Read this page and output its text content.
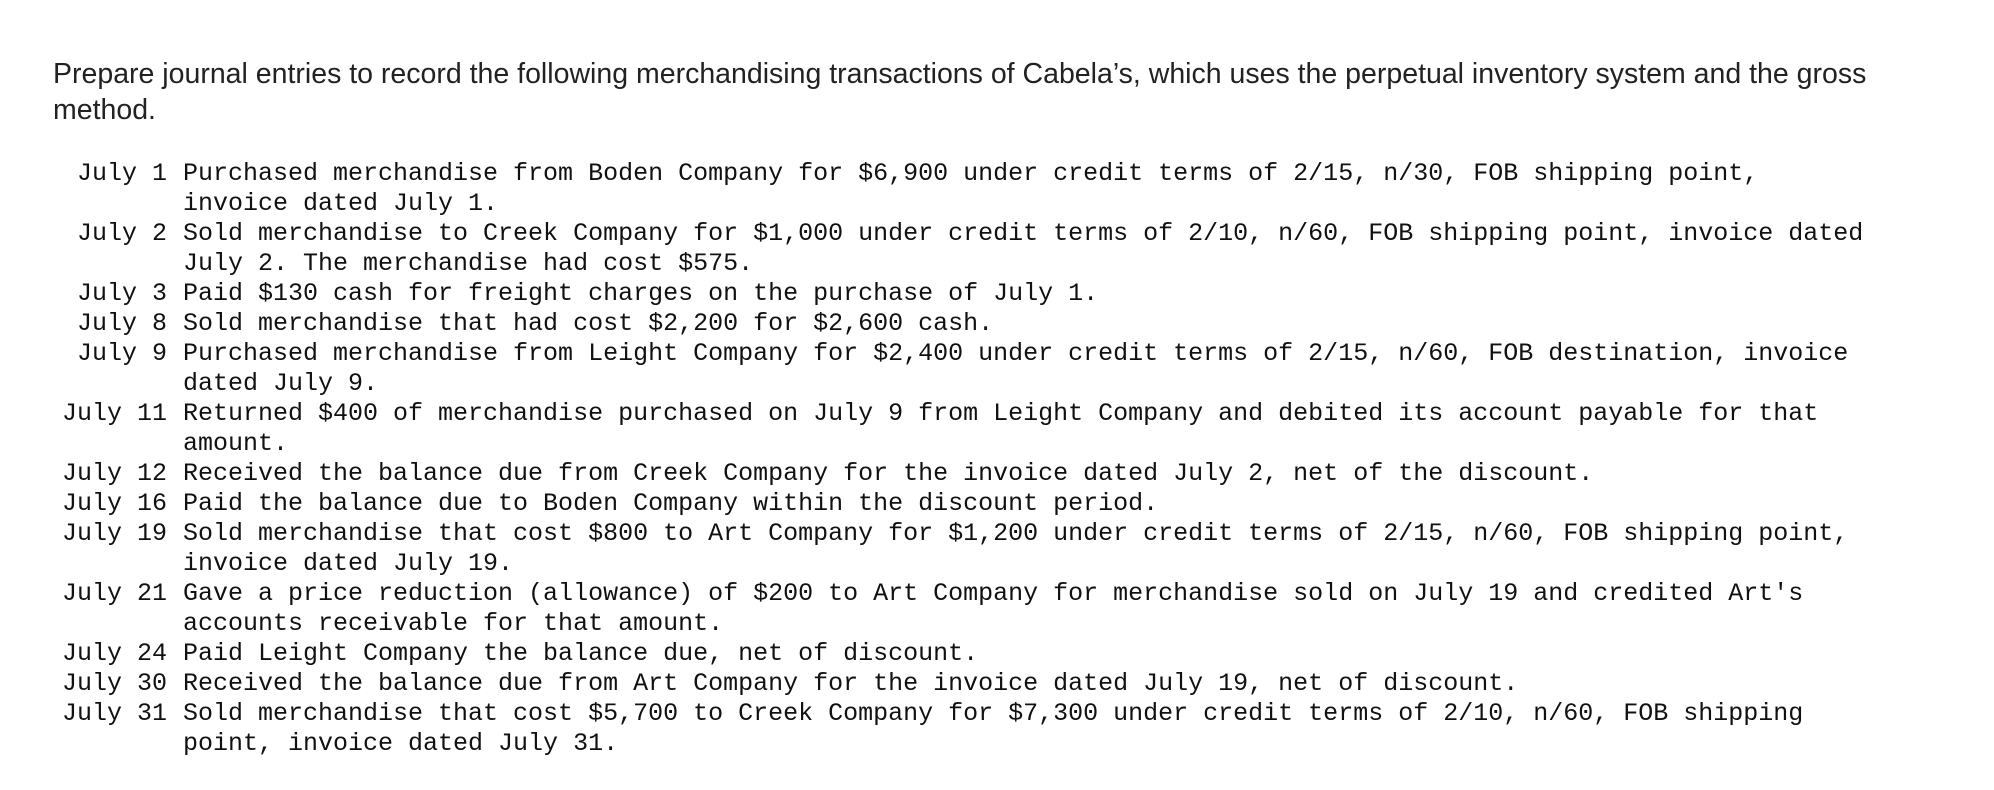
Prepare journal entries to record the following merchandising transactions of Cabela’s, which uses the perpetual inventory system and the gross method.

July 1 Purchased merchandise from Boden Company for $6,900 under credit terms of 2/15, n/30, FOB shipping point,
invoice dated July 1.
July 2 Sold merchandise to Creek Company for $1,000 under credit terms of 2/10, n/60, FOB shipping point, invoice dated
July 2. The merchandise had cost $575.
July 3 Paid $130 cash for freight charges on the purchase of July 1.
July 8 Sold merchandise that had cost $2,200 for $2,600 cash.
July 9 Purchased merchandise from Leight Company for $2,400 under credit terms of 2/15, n/60, FOB destination, invoice
dated July 9.
July 11 Returned $400 of merchandise purchased on July 9 from Leight Company and debited its account payable for that
amount.
July 12 Received the balance due from Creek Company for the invoice dated July 2, net of the discount.
July 16 Paid the balance due to Boden Company within the discount period.
July 19 Sold merchandise that cost $800 to Art Company for $1,200 under credit terms of 2/15, n/60, FOB shipping point,
invoice dated July 19.
July 21 Gave a price reduction (allowance) of $200 to Art Company for merchandise sold on July 19 and credited Art's
accounts receivable for that amount.
July 24 Paid Leight Company the balance due, net of discount.
July 30 Received the balance due from Art Company for the invoice dated July 19, net of discount.
July 31 Sold merchandise that cost $5,700 to Creek Company for $7,300 under credit terms of 2/10, n/60, FOB shipping
point, invoice dated July 31.
